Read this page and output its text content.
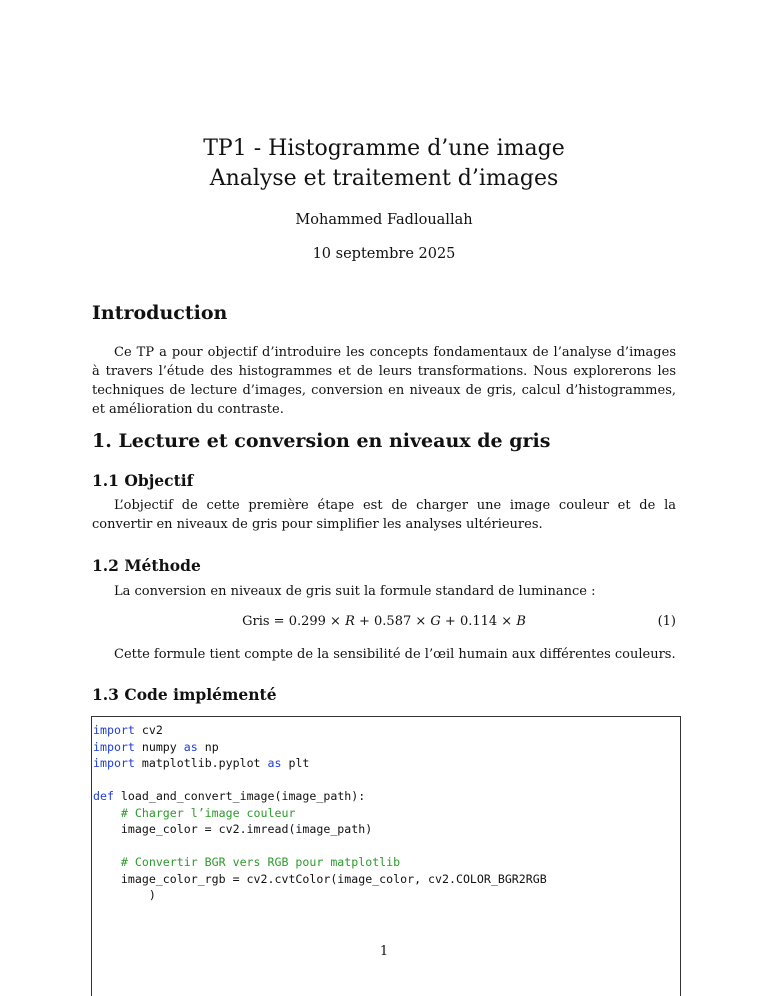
TP1 - Histogramme d’une image
Analyse et traitement d’images
Mohammed Fadlouallah
10 septembre 2025
Introduction

Ce TP a pour objectif d’introduire les concepts fondamentaux de l’analyse d’images à travers l’étude des histogrammes et de leurs transformations. Nous explorerons les techniques de lecture d’images, conversion en niveaux de gris, calcul d’histogrammes, et amélioration du contraste.

1. Lecture et conversion en niveaux de gris
1.1 Objectif

L’objectif de cette première étape est de charger une image couleur et de la convertir en niveaux de gris pour simplifier les analyses ultérieures.

1.2 Méthode

La conversion en niveaux de gris suit la formule standard de luminance :

Gris = 0.299 × R + 0.587 × G + 0.114 × B	(1)

Cette formule tient compte de la sensibilité de l’œil humain aux différentes couleurs.

1.3 Code implémenté
import cv2
import numpy as np
import matplotlib.pyplot as plt

def load_and_convert_image(image_path):
# Charger l’image couleur
image_color = cv2.imread(image_path)

# Convertir BGR vers RGB pour matplotlib
image_color_rgb = cv2.cvtColor(image_color, cv2.COLOR_BGR2RGB
)
1
